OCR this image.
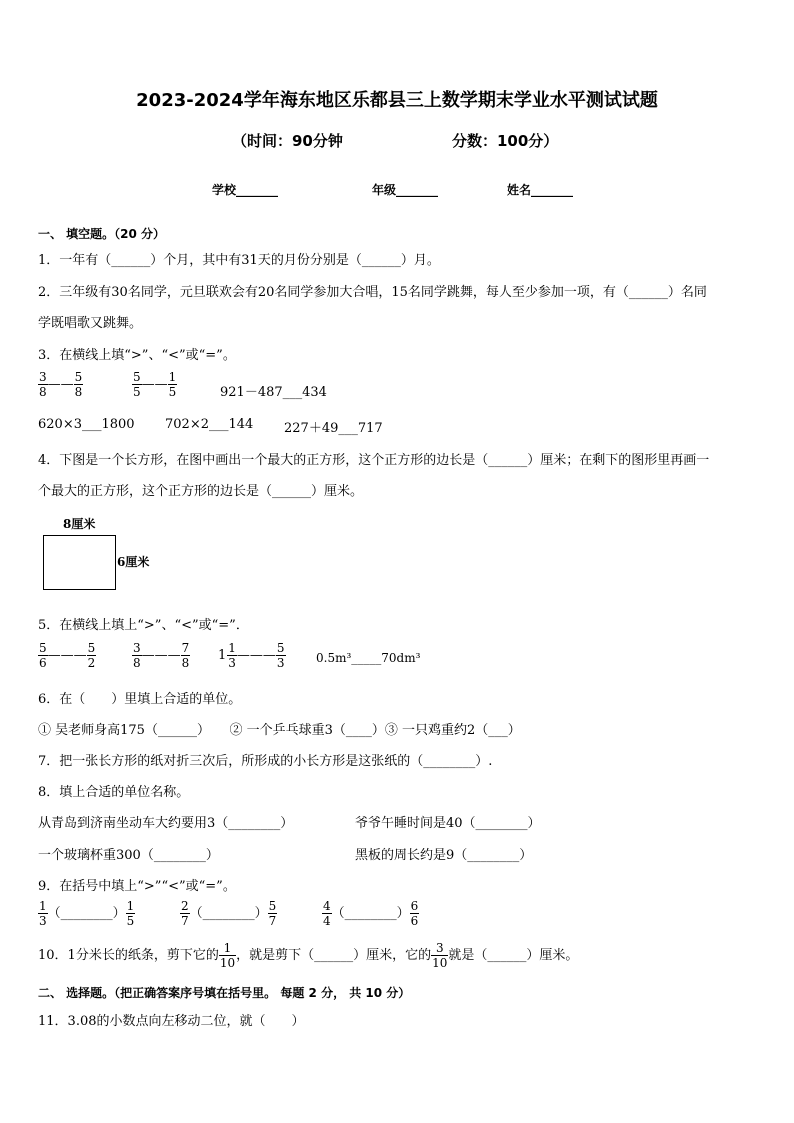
2023-2024学年海东地区乐都县三上数学期末学业水平测试试题
（时间：90分钟	分数：100分）
学校_______	年级_______	姓名_______
一、 填空题。（20 分）
1．一年有（______）个月，其中有31天的月份分别是（______）月。
2．三年级有30名同学，元旦联欢会有20名同学参加大合唱，15名同学跳舞，每人至少参加一项，有（______）名同
学既唱歌又跳舞。
3．在横线上填“>”、“<”或“=”。
$\frac{3}{8}$ —— $\frac{5}{8}$	$\frac{5}{5}$ —— $\frac{1}{5}$	921－487___434
620×3___1800 702×2___144 227＋49___717
4．下图是一个长方形，在图中画出一个最大的正方形，这个正方形的边长是（______）厘米；在剩下的图形里再画一
个最大的正方形，这个正方形的边长是（______）厘米。
8厘米
6厘米
5．在横线上填上“>”、“<”或“=”．
$\frac{5}{6}$ ——— $\frac{5}{2}$	$\frac{3}{8}$ ——— $\frac{7}{8} 1 \frac{1}{3}$ ——— $\frac{5}{3}$	0.5m³_____70dm³
6．在（　　）里填上合适的单位。
① 吴老师身高175（______）　　② 一个乒乓球重3（____）③ 一只鸡重约2（___）
7．把一张长方形的纸对折三次后，所形成的小长方形是这张纸的（________）.
8．填上合适的单位名称。
从青岛到济南坐动车大约要用3（________）	爷爷午睡时间是40（________）
一个玻璃杯重300（________）	黑板的周长约是9（________）
9．在括号中填上“>”“<”或“=”。
$\frac{1}{3}$ （________） $\frac{1}{5}$	$\frac{2}{7}$ （________） $\frac{5}{7}$	$\frac{4}{4}$ （________） $\frac{6}{6}$
10．1分米长的纸条，剪下它的 $\frac{1}{10}$ ，就是剪下（______）厘米，它的 $\frac{3}{10}$ 就是（______）厘米。
二、 选择题。（把正确答案序号填在括号里。 每题 2 分， 共 10 分）
11．3.08的小数点向左移动二位，就（　　）
